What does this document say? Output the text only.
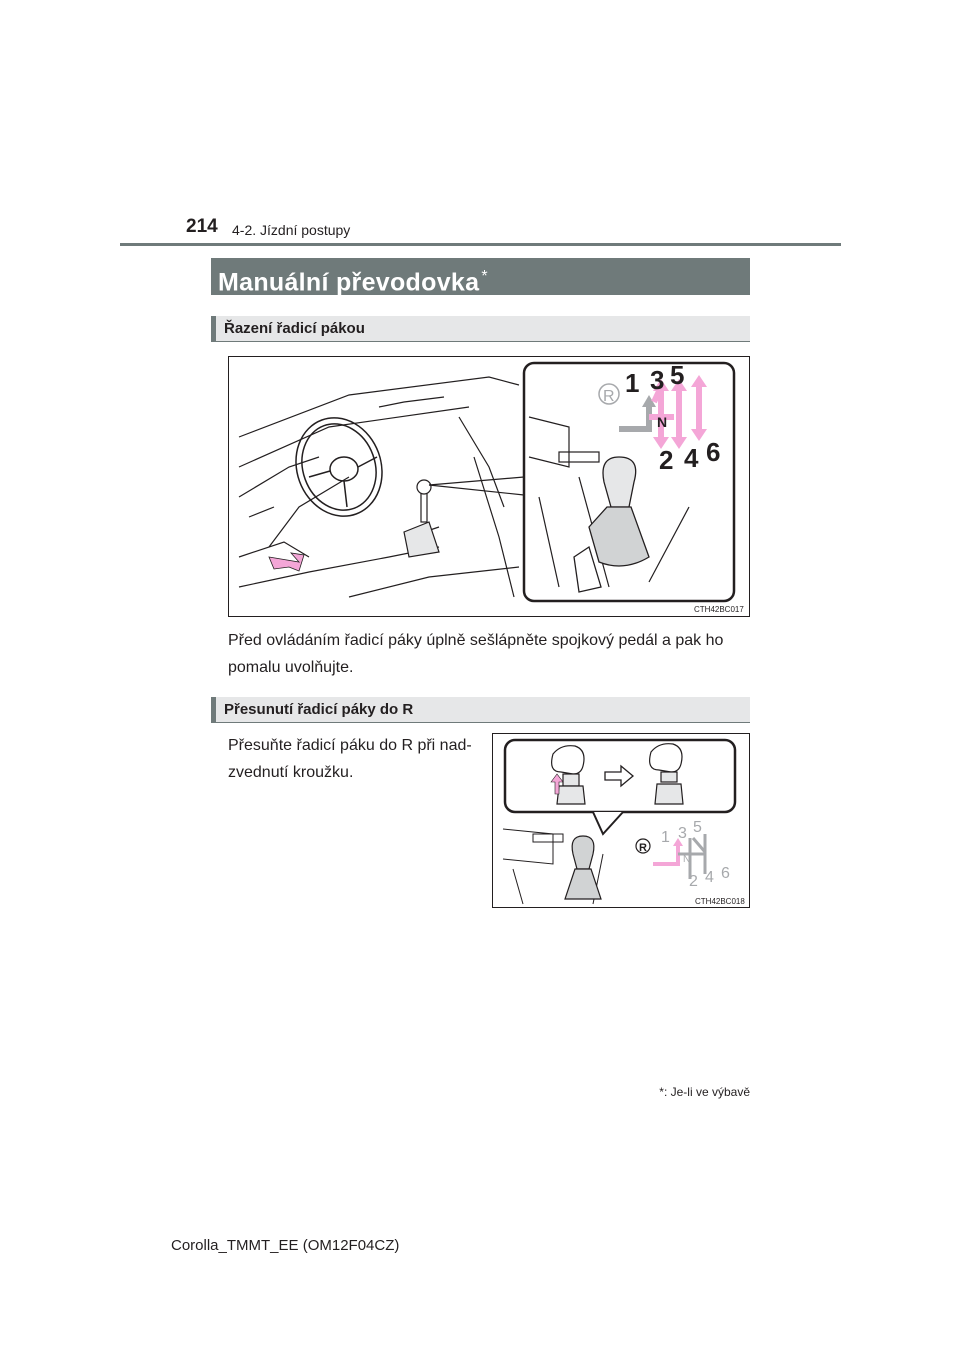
214 4-2. Jízdní postupy
Manuální převodovka *
Řazení řadicí pákou
R 1 3 5
N
2 4 6
CTH42BC017
Před ovládáním řadicí páky úplně sešlápněte spojkový pedál a pak ho pomalu uvolňujte.
Přesunutí řadicí páky do R
Přesuňte řadicí páku do R při nad-zvednutí kroužku.
R
1 3 5
N
2 4 6
CTH42BC018
*: Je-li ve výbavě
Corolla_TMMT_EE (OM12F04CZ)
